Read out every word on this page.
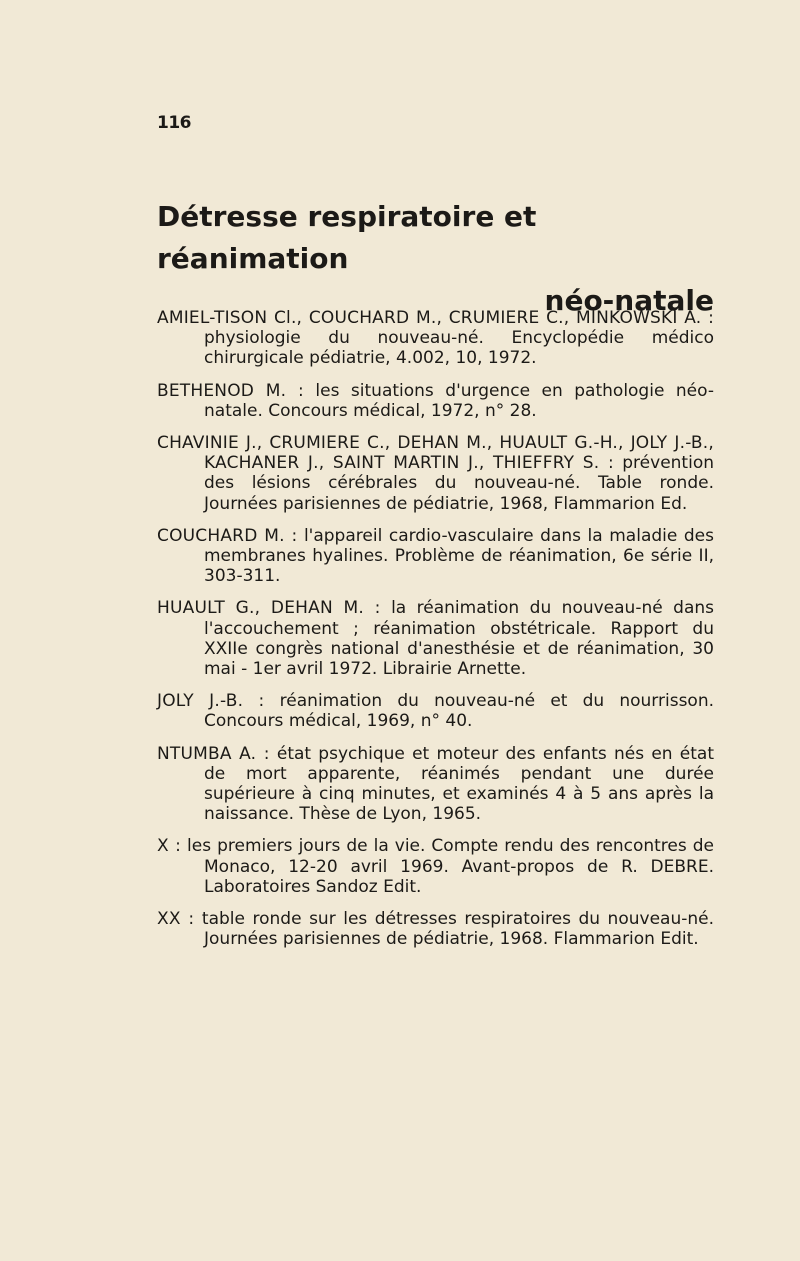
116
Détresse respiratoire et réanimation
néo-natale
AMIEL-TISON Cl., COUCHARD M., CRUMIERE C., MINKOWSKI A. : physiologie du nouveau-né. Encyclopédie médico chirurgicale pédiatrie, 4.002, 10, 1972.
BETHENOD M. : les situations d'urgence en pathologie néo-natale. Concours médical, 1972, n° 28.
CHAVINIE J., CRUMIERE C., DEHAN M., HUAULT G.-H., JOLY J.-B., KACHANER J., SAINT MARTIN J., THIEFFRY S. : prévention des lésions cérébrales du nouveau-né. Table ronde. Journées parisiennes de pédiatrie, 1968, Flammarion Ed.
COUCHARD M. : l'appareil cardio-vasculaire dans la maladie des membranes hyalines. Problème de réanimation, 6e série II, 303-311.
HUAULT G., DEHAN M. : la réanimation du nouveau-né dans l'accouchement ; réanimation obstétricale. Rapport du XXIIe congrès national d'anesthésie et de réanimation, 30 mai - 1er avril 1972. Librairie Arnette.
JOLY J.-B. : réanimation du nouveau-né et du nourrisson. Concours médical, 1969, n° 40.
NTUMBA A. : état psychique et moteur des enfants nés en état de mort apparente, réanimés pendant une durée supérieure à cinq minutes, et examinés 4 à 5 ans après la naissance. Thèse de Lyon, 1965.
X : les premiers jours de la vie. Compte rendu des rencontres de Monaco, 12-20 avril 1969. Avant-propos de R. DEBRE. Laboratoires Sandoz Edit.
XX : table ronde sur les détresses respiratoires du nouveau-né. Journées parisiennes de pédiatrie, 1968. Flammarion Edit.
